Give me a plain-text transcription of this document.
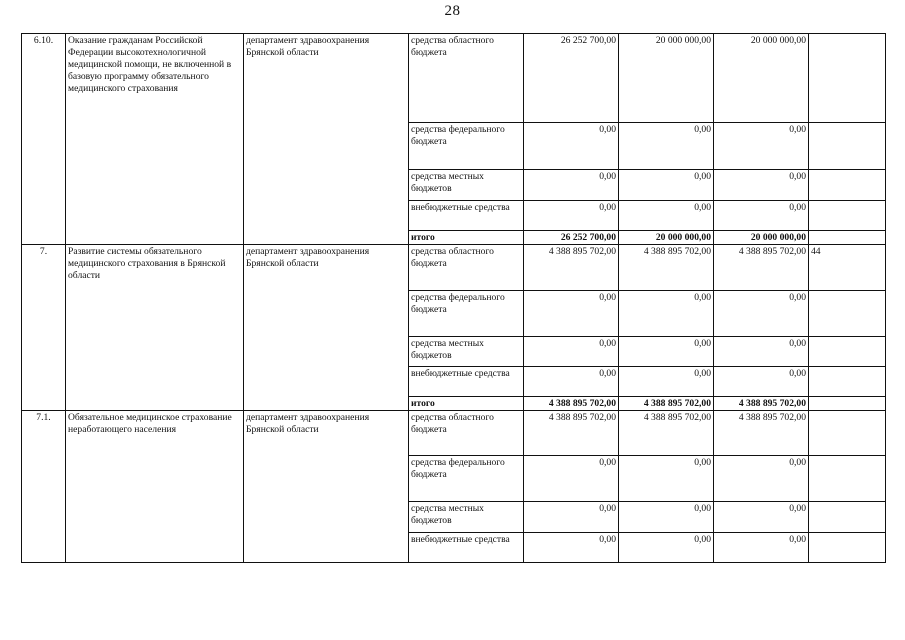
28
6.10.	Оказание гражданам Российской Федерации высокотехнологичной медицинской помощи, не включенной в базовую программу обязательного медицинского страхования	департамент здравоохранения Брянской области	средства областного бюджета	26 252 700,00	20 000 000,00	20 000 000,00	
			средства федерального бюджета	0,00	0,00	0,00	
			средства местных бюджетов	0,00	0,00	0,00	
			внебюджетные средства	0,00	0,00	0,00	
			итого	26 252 700,00	20 000 000,00	20 000 000,00	
7.	Развитие системы обязательного медицинского страхования в Брянской области	департамент здравоохранения Брянской области	средства областного бюджета	4 388 895 702,00	4 388 895 702,00	4 388 895 702,00	44
			средства федерального бюджета	0,00	0,00	0,00	
			средства местных бюджетов	0,00	0,00	0,00	
			внебюджетные средства	0,00	0,00	0,00	
			итого	4 388 895 702,00	4 388 895 702,00	4 388 895 702,00	
7.1.	Обязательное медицинское страхование неработающего населения	департамент здравоохранения Брянской области	средства областного бюджета	4 388 895 702,00	4 388 895 702,00	4 388 895 702,00	
			средства федерального бюджета	0,00	0,00	0,00	
			средства местных бюджетов	0,00	0,00	0,00	
			внебюджетные средства	0,00	0,00	0,00	
